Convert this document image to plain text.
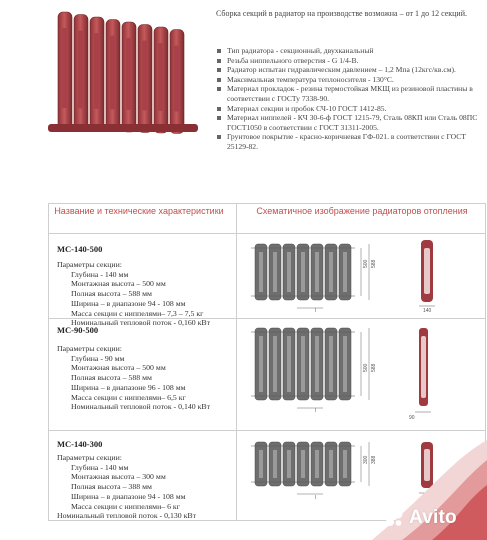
Сборка секций в радиатор на производстве возможна – от 1 до 12 секций.
Тип радиатора - секционный, двухканальный
Резьба ниппельного отверстия - G 1/4-В.
Радиатор испытан гидравлическим давлением – 1,2 Мпа (12кгс/кв.см).
Максимальная температура теплоносителя - 130°С.
Материал прокладок - резина термостойкая МКЩ из резиновой пластины в соответствии с ГОСТу 7338-90.
Материал секции и пробок СЧ-10 ГОСТ 1412-85.
Материал ниппелей - КЧ 30-6-ф ГОСТ 1215-79, Сталь 08КП или Сталь 08ПС ГОСТ1050 в соответствии с ГОСТ 31311-2005.
Грунтовое покрытие - красно-коричневая ГФ-021. в соответствии с ГОСТ 25129-82.
Название и технические характеристики	Схематичное изображение радиаторов отопления
МС-140-500
Параметры секции:
Глубина - 140 мм
Монтажная высота – 500 мм
Полная высота – 588 мм
Ширина – в диапазоне 94 - 108 мм
Масса секции с ниппелями– 7,3 – 7,5 кг
Номинальный тепловой поток - 0,160 кВт
500 588
l	140
МС-90-500
Параметры секции:
Глубина - 90 мм
Монтажная высота – 500 мм
Полная высота – 588 мм
Ширина – в диапазоне 96 - 108 мм
Масса секции с ниппелями– 6,5 кг
Номинальный тепловой поток - 0,140 кВт
500 588
l
90
МС-140-300
Параметры секции:
Глубина - 140 мм
Монтажная высота – 300 мм
Полная высота – 388 мм
Ширина – в диапазоне 94 - 108 мм
Масса секции с ниппелями– 6 кг
Номинальный тепловой поток - 0,130 кВт
300 388
l
Avito
